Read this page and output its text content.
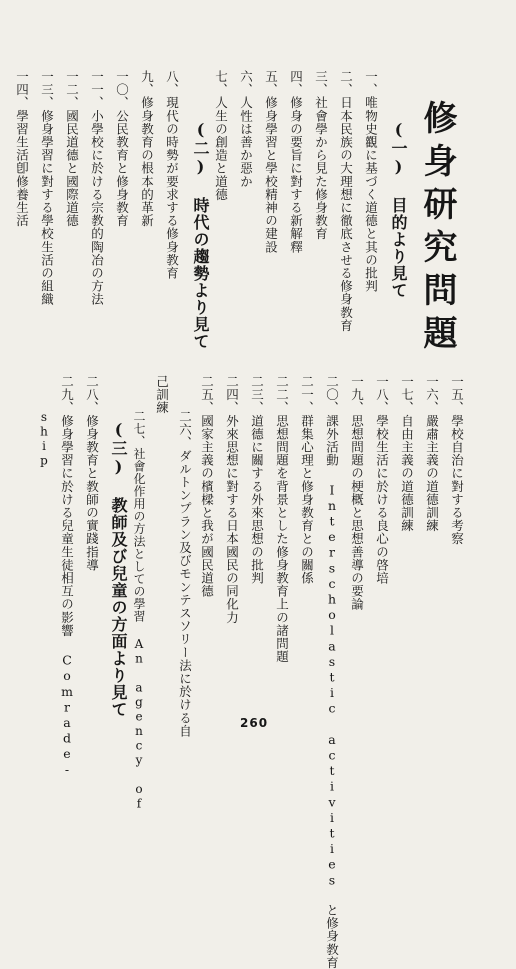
修身研究問題
(一) 目的より見て
一、唯物史觀に基づく道德と其の批判
二、日本民族の大理想に徹底させる修身教育
三、社會學から見た修身教育
四、修身の要旨に對する新解釋
五、修身學習と學校精神の建設
六、人性は善か惡か
七、人生の創造と道德
(二) 時代の趨勢より見て
八、現代の時勢が要求する修身教育
九、修身教育の根本的革新
一〇、公民教育と修身教育
一一、小學校に於ける宗教的陶冶の方法
一二、國民道德と國際道德
一三、修身學習に對する學校生活の組織
一四、學習生活卽修養生活
一五、學校自治に對する考察
一六、嚴肅主義の道德訓練
一七、自由主義の道德訓練
一八、學校生活に於ける良心の啓培
一九、思想問題の梗概と思想善導の要論
二〇、課外活動 Interscholastic activities と修身教育
二一、群集心理と修身教育との關係
二二、思想問題を背景とした修身教育上の諸問題
二三、道德に關する外來思想の批判
二四、外來思想に對する日本國民の同化力
二五、國家主義の檳樑と我が國民道德
二六、ダルトンプラン及びモンテスソリー法に於ける自
己訓練
二七、社會化作用の方法としての學習 An agency of
(三) 教師及び兒童の方面より見て
二八、修身教育と教師の實踐指導
二九、修身學習に於ける兒童生徒相互の影響 Comrade-
ship
260
